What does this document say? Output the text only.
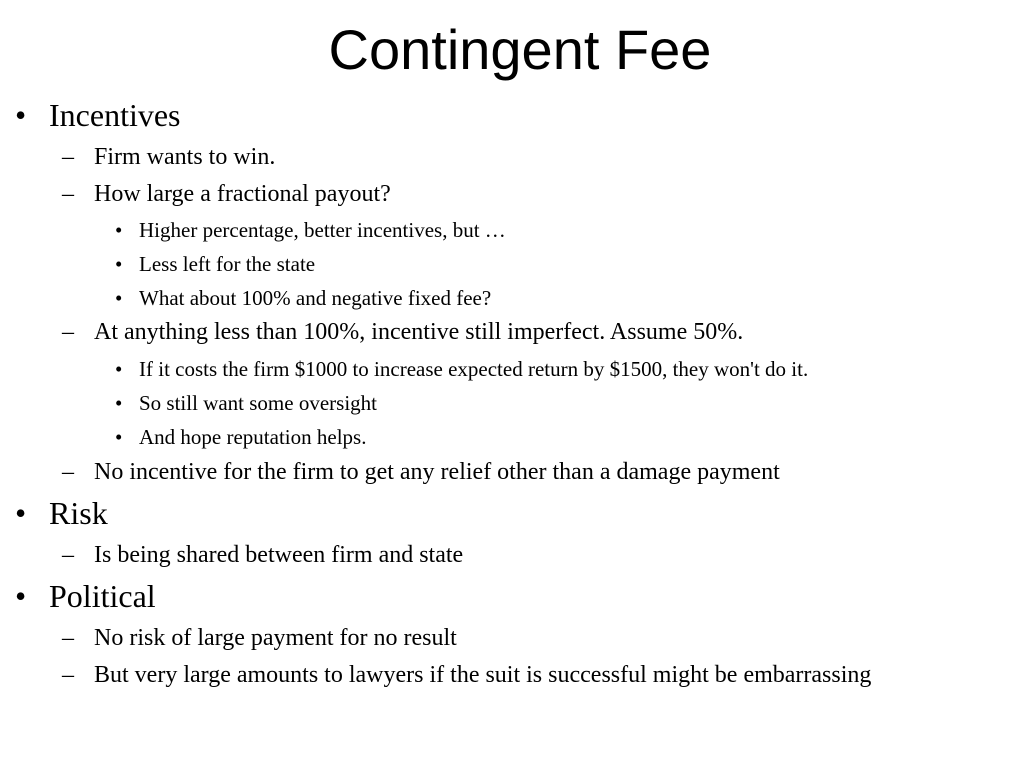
Contingent Fee
• Incentives
– Firm wants to win.
– How large a fractional payout?
• Higher percentage, better incentives, but …
• Less left for the state
• What about 100% and negative fixed fee?
– At anything less than 100%, incentive still imperfect. Assume 50%.
• If it costs the firm $1000 to increase expected return by $1500, they won't do it.
• So still want some oversight
• And hope reputation helps.
– No incentive for the firm to get any relief other than a damage payment
• Risk
– Is being shared between firm and state
• Political
– No risk of large payment for no result
– But very large amounts to lawyers if the suit is successful might be embarrassing
